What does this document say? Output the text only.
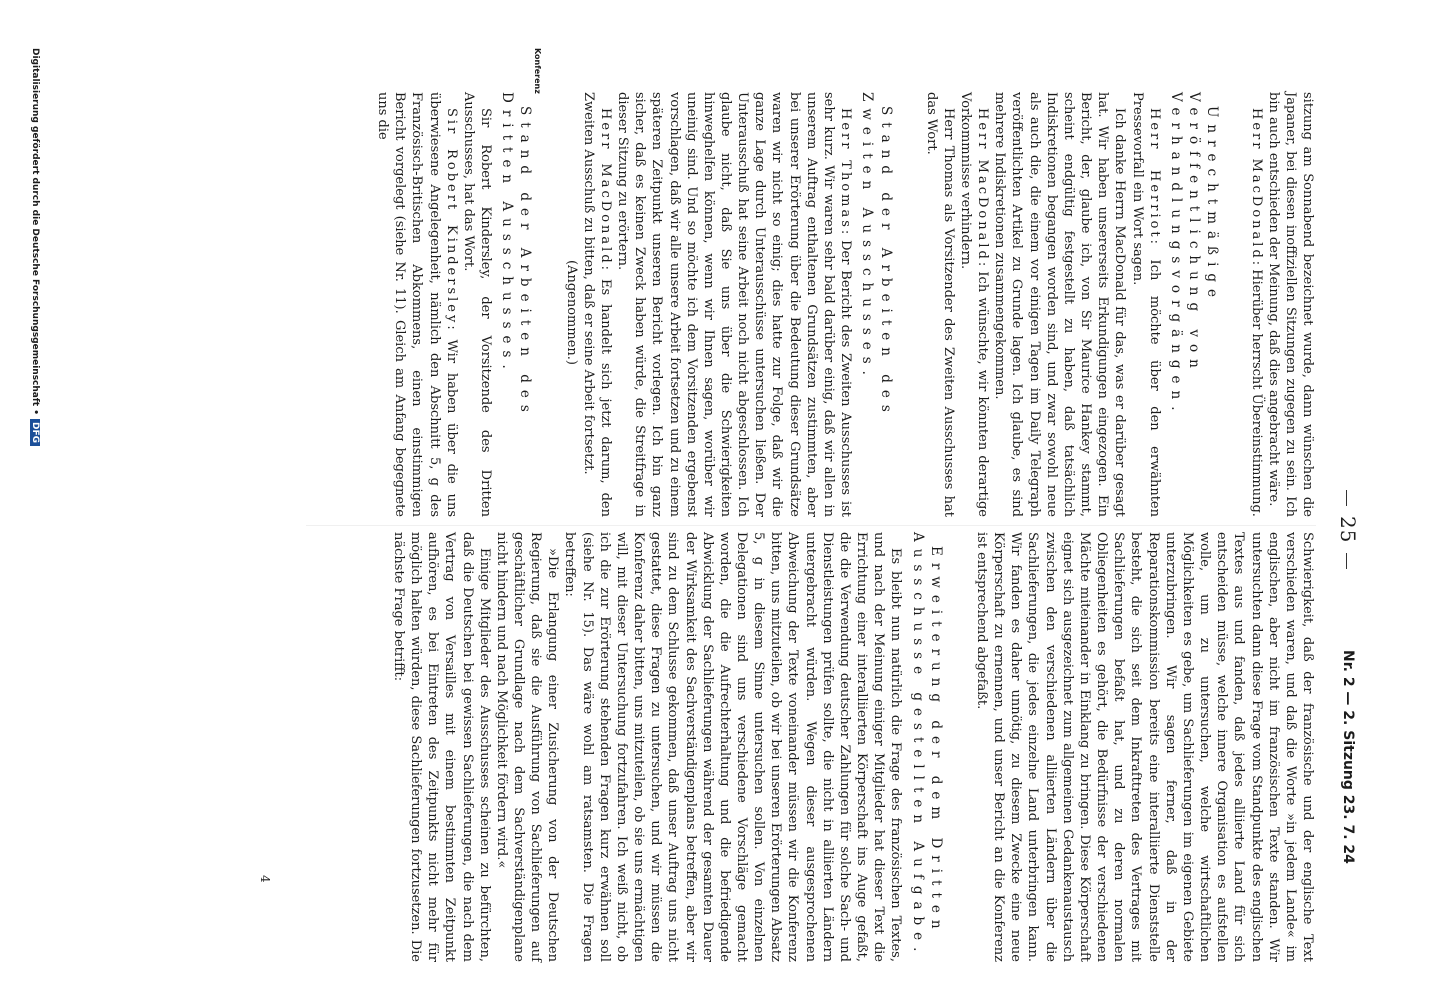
25
Nr. 2 — 2. Sitzung 23. 7. 24

sitzung am Sonnabend bezeichnet wurde, dann wünschen die Japaner, bei diesen inoffiziellen Sitzungen zugegen zu sein. Ich bin auch entschieden der Meinung, daß dies angebracht wäre.

Herr MacDonald: Hierüber herrscht Übereinstimmung.

Unrechtmäßige Veröffentlichung von Verhandlungsvorgängen.

Herr Herriot: Ich möchte über den erwähnten Pressevorfall ein Wort sagen.

Ich danke Herrn MacDonald für das, was er darüber gesagt hat. Wir haben unsererseits Erkundigungen eingezogen. Ein Bericht, der, glaube ich, von Sir Maurice Hankey stammt, scheint endgültig festgestellt zu haben, daß tatsächlich Indiskretionen begangen worden sind, und zwar sowohl neue als auch die, die einem vor einigen Tagen im Daily Telegraph veröffentlichten Artikel zu Grunde lagen. Ich glaube, es sind mehrere Indiskretionen zusammengekommen.

Herr MacDonald: Ich wünschte, wir könnten derartige Vorkommnisse verhindern.

Herr Thomas als Vorsitzender des Zweiten Ausschusses hat das Wort.

Stand der Arbeiten des Zweiten Ausschusses.

Herr Thomas: Der Bericht des Zweiten Ausschusses ist sehr kurz. Wir waren sehr bald darüber einig, daß wir allen in unserem Auftrag enthaltenen Grundsätzen zustimmten, aber bei unserer Erörterung über die Bedeutung dieser Grundsätze waren wir nicht so einig; dies hatte zur Folge, daß wir die ganze Lage durch Unterausschüsse untersuchen ließen. Der Unterausschuß hat seine Arbeit noch nicht abgeschlossen. Ich glaube nicht, daß Sie uns über die Schwierigkeiten hinweghelfen können, wenn wir Ihnen sagen, worüber wir uneinig sind. Und so möchte ich dem Vorsitzenden ergebenst vorschlagen, daß wir alle unsere Arbeit fortsetzen und zu einem späteren Zeitpunkt unseren Bericht vorlegen. Ich bin ganz sicher, daß es keinen Zweck haben würde, die Streitfrage in dieser Sitzung zu erörtern.

Herr MacDonald: Es handelt sich jetzt darum, den Zweiten Ausschuß zu bitten, daß er seine Arbeit fortsetzt.

(Angenommen.)

Stand der Arbeiten des Dritten Ausschusses.

Sir Robert Kindersley, der Vorsitzende des Dritten Ausschusses, hat das Wort.

Sir Robert Kindersley: Wir haben über die uns überwiesene Angelegenheit, nämlich den Abschnitt 5, g des Französisch-Britischen Abkommens, einen einstimmigen Bericht vorgelegt (siehe Nr. 11). Gleich am Anfang begegnete uns die

Schwierigkeit, daß der französische und der englische Text verschieden waren, und daß die Worte »in jedem Lande« im englischen, aber nicht im französischen Texte standen. Wir untersuchten dann diese Frage vom Standpunkte des englischen Textes aus und fanden, daß jedes alliierte Land für sich entscheiden müsse, welche innere Organisation es aufstellen wolle, um zu untersuchen, welche wirtschaftlichen Möglichkeiten es gebe, um Sachlieferungen im eigenen Gebiete unterzubringen. Wir sagen ferner, daß in der Reparationskommission bereits eine interalliierte Dienststelle besteht, die sich seit dem Inkrafttreten des Vertrages mit Sachlieferungen befaßt hat, und zu deren normalen Obliegenheiten es gehört, die Bedürfnisse der verschiedenen Mächte miteinander in Einklang zu bringen. Diese Körperschaft eignet sich ausgezeichnet zum allgemeinen Gedankenaustausch zwischen den verschiedenen alliierten Ländern über die Sachlieferungen, die jedes einzelne Land unterbringen kann. Wir fanden es daher unnötig, zu diesem Zwecke eine neue Körperschaft zu ernennen, und unser Bericht an die Konferenz ist entsprechend abgefaßt.

Erweiterung der dem Dritten Ausschusse gestellten Aufgabe.

Es bleibt nun natürlich die Frage des französischen Textes, und nach der Meinung einiger Mitglieder hat dieser Text die Errichtung einer interalliierten Körperschaft ins Auge gefaßt, die die Verwendung deutscher Zahlungen für solche Sach- und Dienstleistungen prüfen sollte, die nicht in alliierten Ländern untergebracht würden. Wegen dieser ausgesprochenen Abweichung der Texte voneinander müssen wir die Konferenz bitten, uns mitzuteilen, ob wir bei unseren Erörterungen Absatz 5, g in diesem Sinne untersuchen sollen. Von einzelnen Delegationen sind uns verschiedene Vorschläge gemacht worden, die die Aufrechterhaltung und die befriedigende Abwicklung der Sachlieferungen während der gesamten Dauer der Wirksamkeit des Sachverständigenplans betreffen, aber wir sind zu dem Schlusse gekommen, daß unser Auftrag uns nicht gestattet, diese Fragen zu untersuchen, und wir müssen die Konferenz daher bitten, uns mitzuteilen, ob sie uns ermächtigen will, mit dieser Untersuchung fortzufahren. Ich weiß nicht, ob ich die zur Erörterung stehenden Fragen kurz erwähnen soll (siehe Nr. 15). Das wäre wohl am ratsamsten. Die Fragen betreffen:

»Die Erlangung einer Zusicherung von der Deutschen Regierung, daß sie die Ausführung von Sachlieferungen auf geschäftlicher Grundlage nach dem Sachverständigenplane nicht hindern und nach Möglichkeit fördern wird.«

Einige Mitglieder des Ausschusses scheinen zu befürchten, daß die Deutschen bei gewissen Sachlieferungen, die nach dem Vertrag von Versailles mit einem bestimmten Zeitpunkt aufhören, es bei Eintreten des Zeitpunkts nicht mehr für möglich halten würden, diese Sachlieferungen fortzusetzen. Die nächste Frage betrifft:

Konferenz
4
Digitalisierung gefördert durch die Deutsche Forschungsgemeinschaft •DFG
